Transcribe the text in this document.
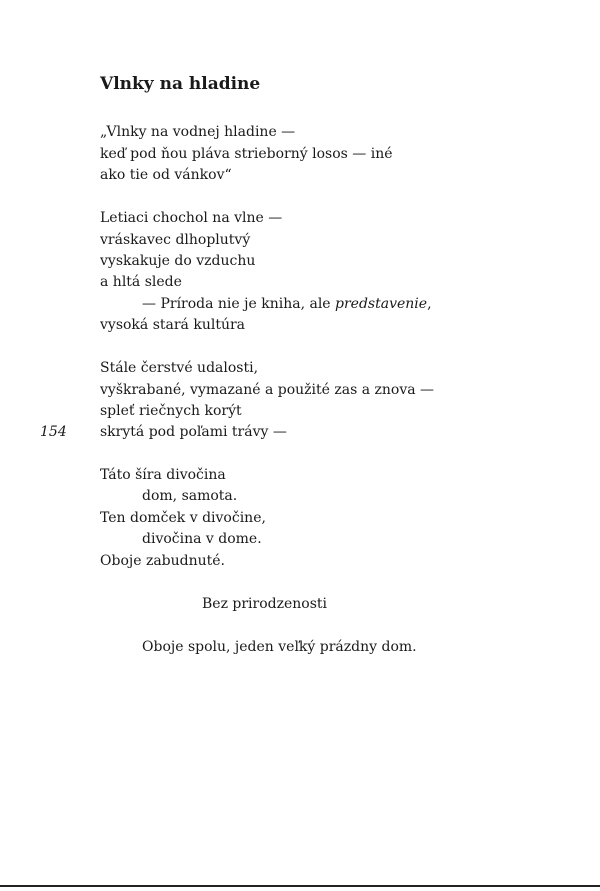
Vlnky na hladine
„Vlnky na vodnej hladine —
keď pod ňou pláva strieborný losos — iné
ako tie od vánkov“
Letiaci chochol na vlne —
vráskavec dlhoplutvý
vyskakuje do vzduchu
a hltá slede
— Príroda nie je kniha, ale predstavenie,
vysoká stará kultúra
Stále čerstvé udalosti,
vyškrabané, vymazané a použité zas a znova —
spleť riečnych korýt
skrytá pod poľami trávy —
154
Táto šíra divočina
dom, samota.
Ten domček v divočine,
divočina v dome.
Oboje zabudnuté.
Bez prirodzenosti
Oboje spolu, jeden veľký prázdny dom.
